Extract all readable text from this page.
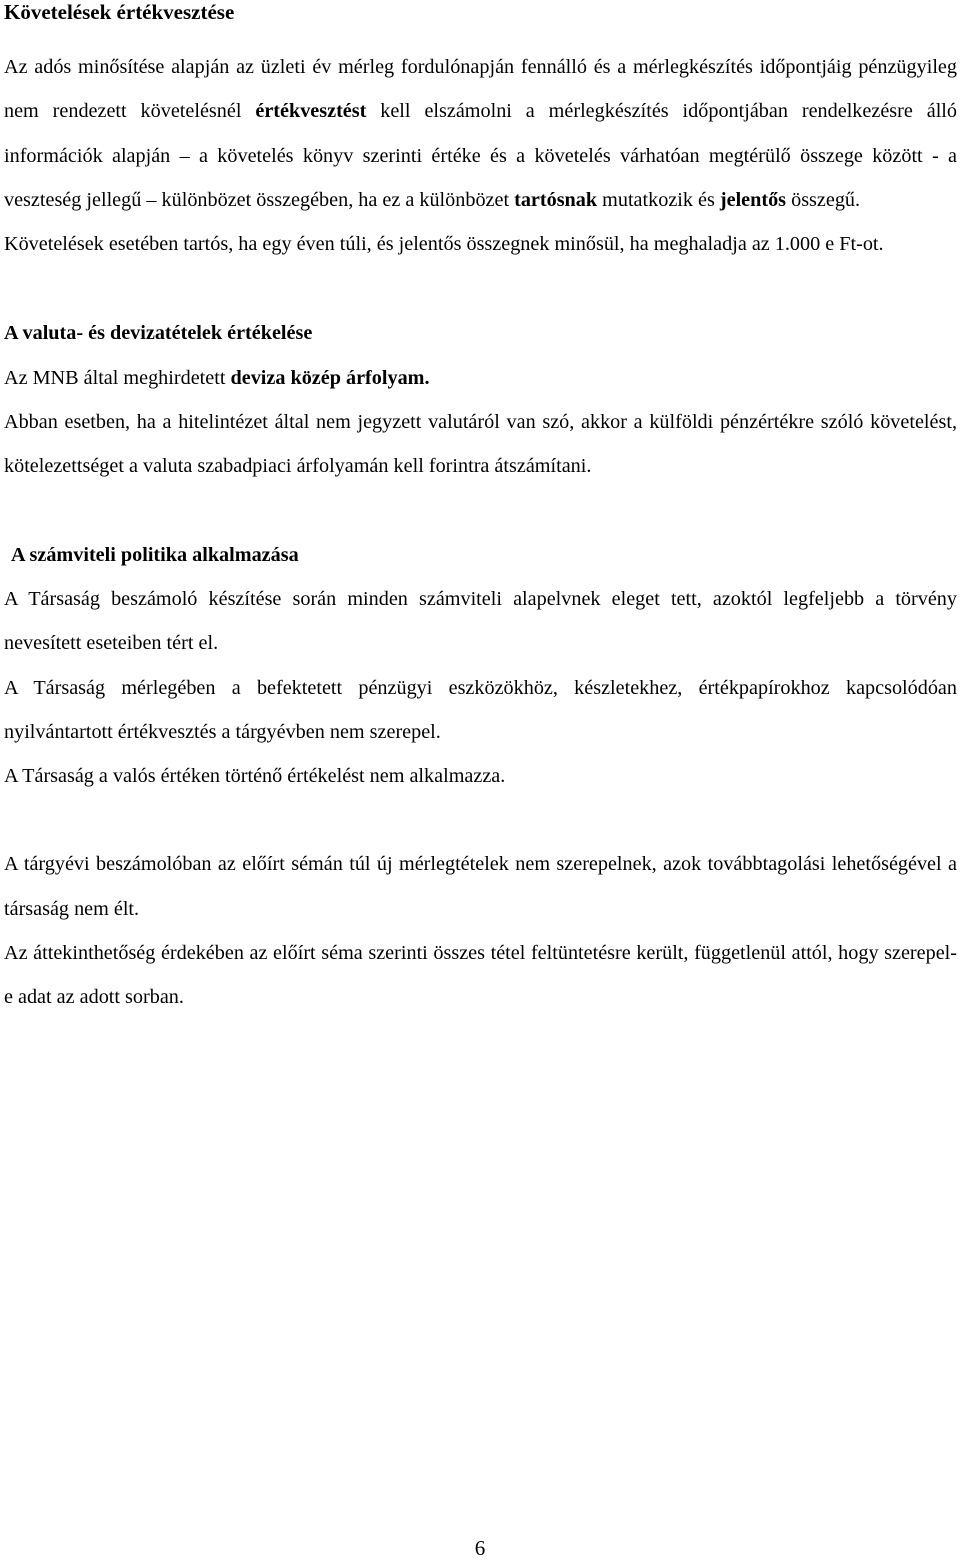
Követelések értékvesztése

Az adós minősítése alapján az üzleti év mérleg fordulónapján fennálló és a mérlegkészítés időpontjáig pénzügyileg nem rendezett követelésnél értékvesztést kell elszámolni a mérlegkészítés időpontjában rendelkezésre álló információk alapján – a követelés könyv szerinti értéke és a követelés várhatóan megtérülő összege között - a veszteség jellegű – különbözet összegében, ha ez a különbözet tartósnak mutatkozik és jelentős összegű.

Követelések esetében tartós, ha egy éven túli, és jelentős összegnek minősül, ha meghaladja az 1.000 e Ft-ot.

A valuta- és devizatételek értékelése

Az MNB által meghirdetett deviza közép árfolyam.

Abban esetben, ha a hitelintézet által nem jegyzett valutáról van szó, akkor a külföldi pénzértékre szóló követelést, kötelezettséget a valuta szabadpiaci árfolyamán kell forintra átszámítani.

A számviteli politika alkalmazása

A Társaság beszámoló készítése során minden számviteli alapelvnek eleget tett, azoktól legfeljebb a törvény nevesített eseteiben tért el.

A Társaság mérlegében a befektetett pénzügyi eszközökhöz, készletekhez, értékpapírokhoz kapcsolódóan nyilvántartott értékvesztés a tárgyévben nem szerepel.

A Társaság a valós értéken történő értékelést nem alkalmazza.

A tárgyévi beszámolóban az előírt sémán túl új mérlegtételek nem szerepelnek, azok továbbtagolási lehetőségével a társaság nem élt.

Az áttekinthetőség érdekében az előírt séma szerinti összes tétel feltüntetésre került, függetlenül attól, hogy szerepel-e adat az adott sorban.

6
